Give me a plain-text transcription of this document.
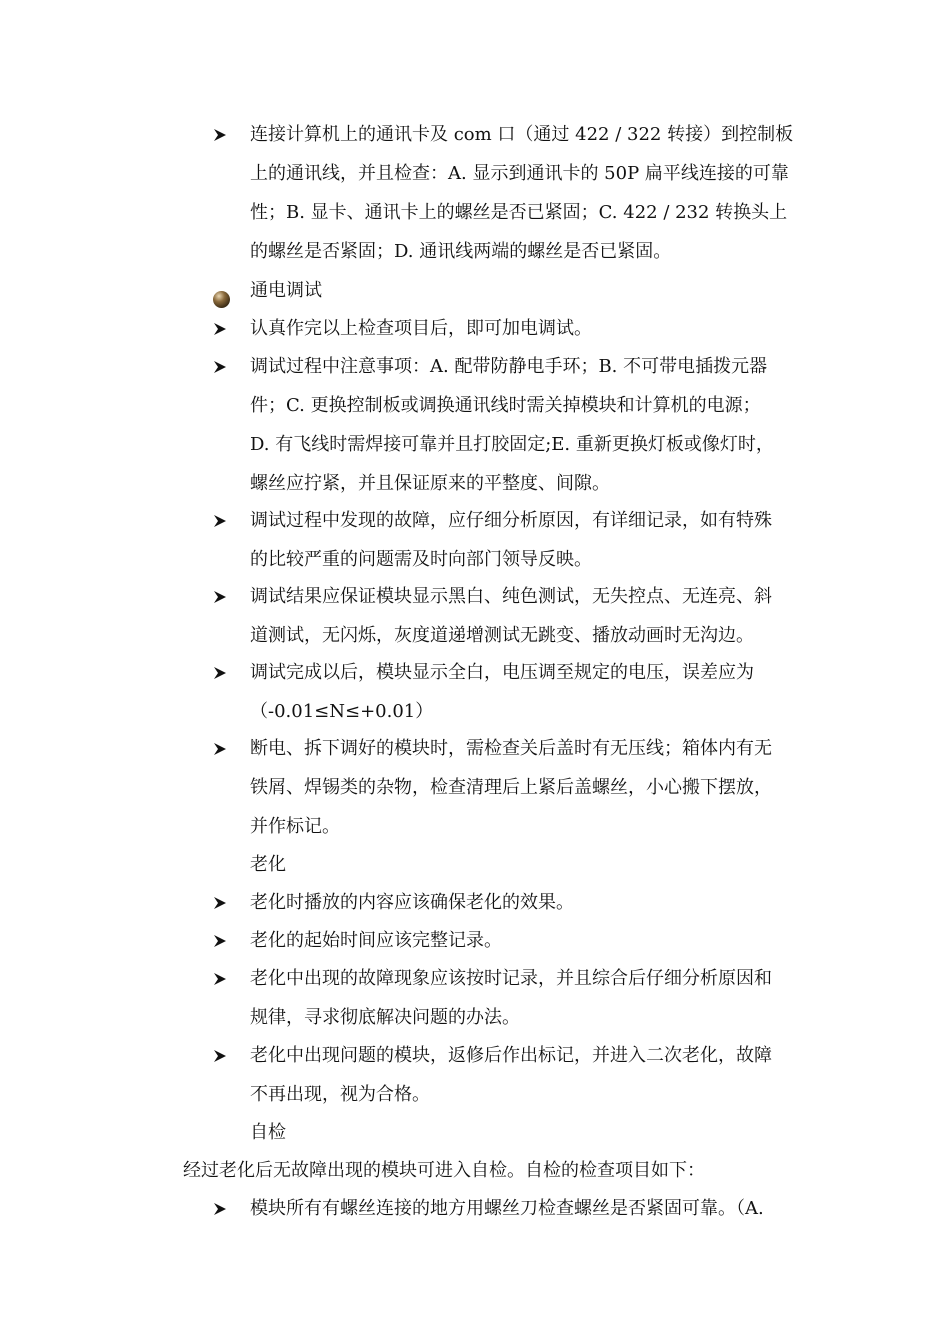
连接计算机上的通讯卡及 com 口（通过 422 / 322 转接）到控制板
上的通讯线，并且检查：A. 显示到通讯卡的 50P 扁平线连接的可靠
性；B. 显卡、通讯卡上的螺丝是否已紧固；C. 422 / 232 转换头上
的螺丝是否紧固；D. 通讯线两端的螺丝是否已紧固。
通电调试
认真作完以上检查项目后，即可加电调试。
调试过程中注意事项：A. 配带防静电手环；B. 不可带电插拨元器
件；C. 更换控制板或调换通讯线时需关掉模块和计算机的电源；
D. 有飞线时需焊接可靠并且打胶固定;E. 重新更换灯板或像灯时，
螺丝应拧紧，并且保证原来的平整度、间隙。
调试过程中发现的故障，应仔细分析原因，有详细记录，如有特殊
的比较严重的问题需及时向部门领导反映。
调试结果应保证模块显示黑白、纯色测试，无失控点、无连亮、斜
道测试，无闪烁，灰度道递增测试无跳变、播放动画时无沟边。
调试完成以后，模块显示全白，电压调至规定的电压，误差应为
（-0.01≤N≤+0.01）
断电、拆下调好的模块时，需检查关后盖时有无压线；箱体内有无
铁屑、焊锡类的杂物，检查清理后上紧后盖螺丝，小心搬下摆放，
并作标记。
老化
老化时播放的内容应该确保老化的效果。
老化的起始时间应该完整记录。
老化中出现的故障现象应该按时记录，并且综合后仔细分析原因和
规律，寻求彻底解决问题的办法。
老化中出现问题的模块，返修后作出标记，并进入二次老化，故障
不再出现，视为合格。
自检
经过老化后无故障出现的模块可进入自检。自检的检查项目如下：
模块所有有螺丝连接的地方用螺丝刀检查螺丝是否紧固可靠。（A.
